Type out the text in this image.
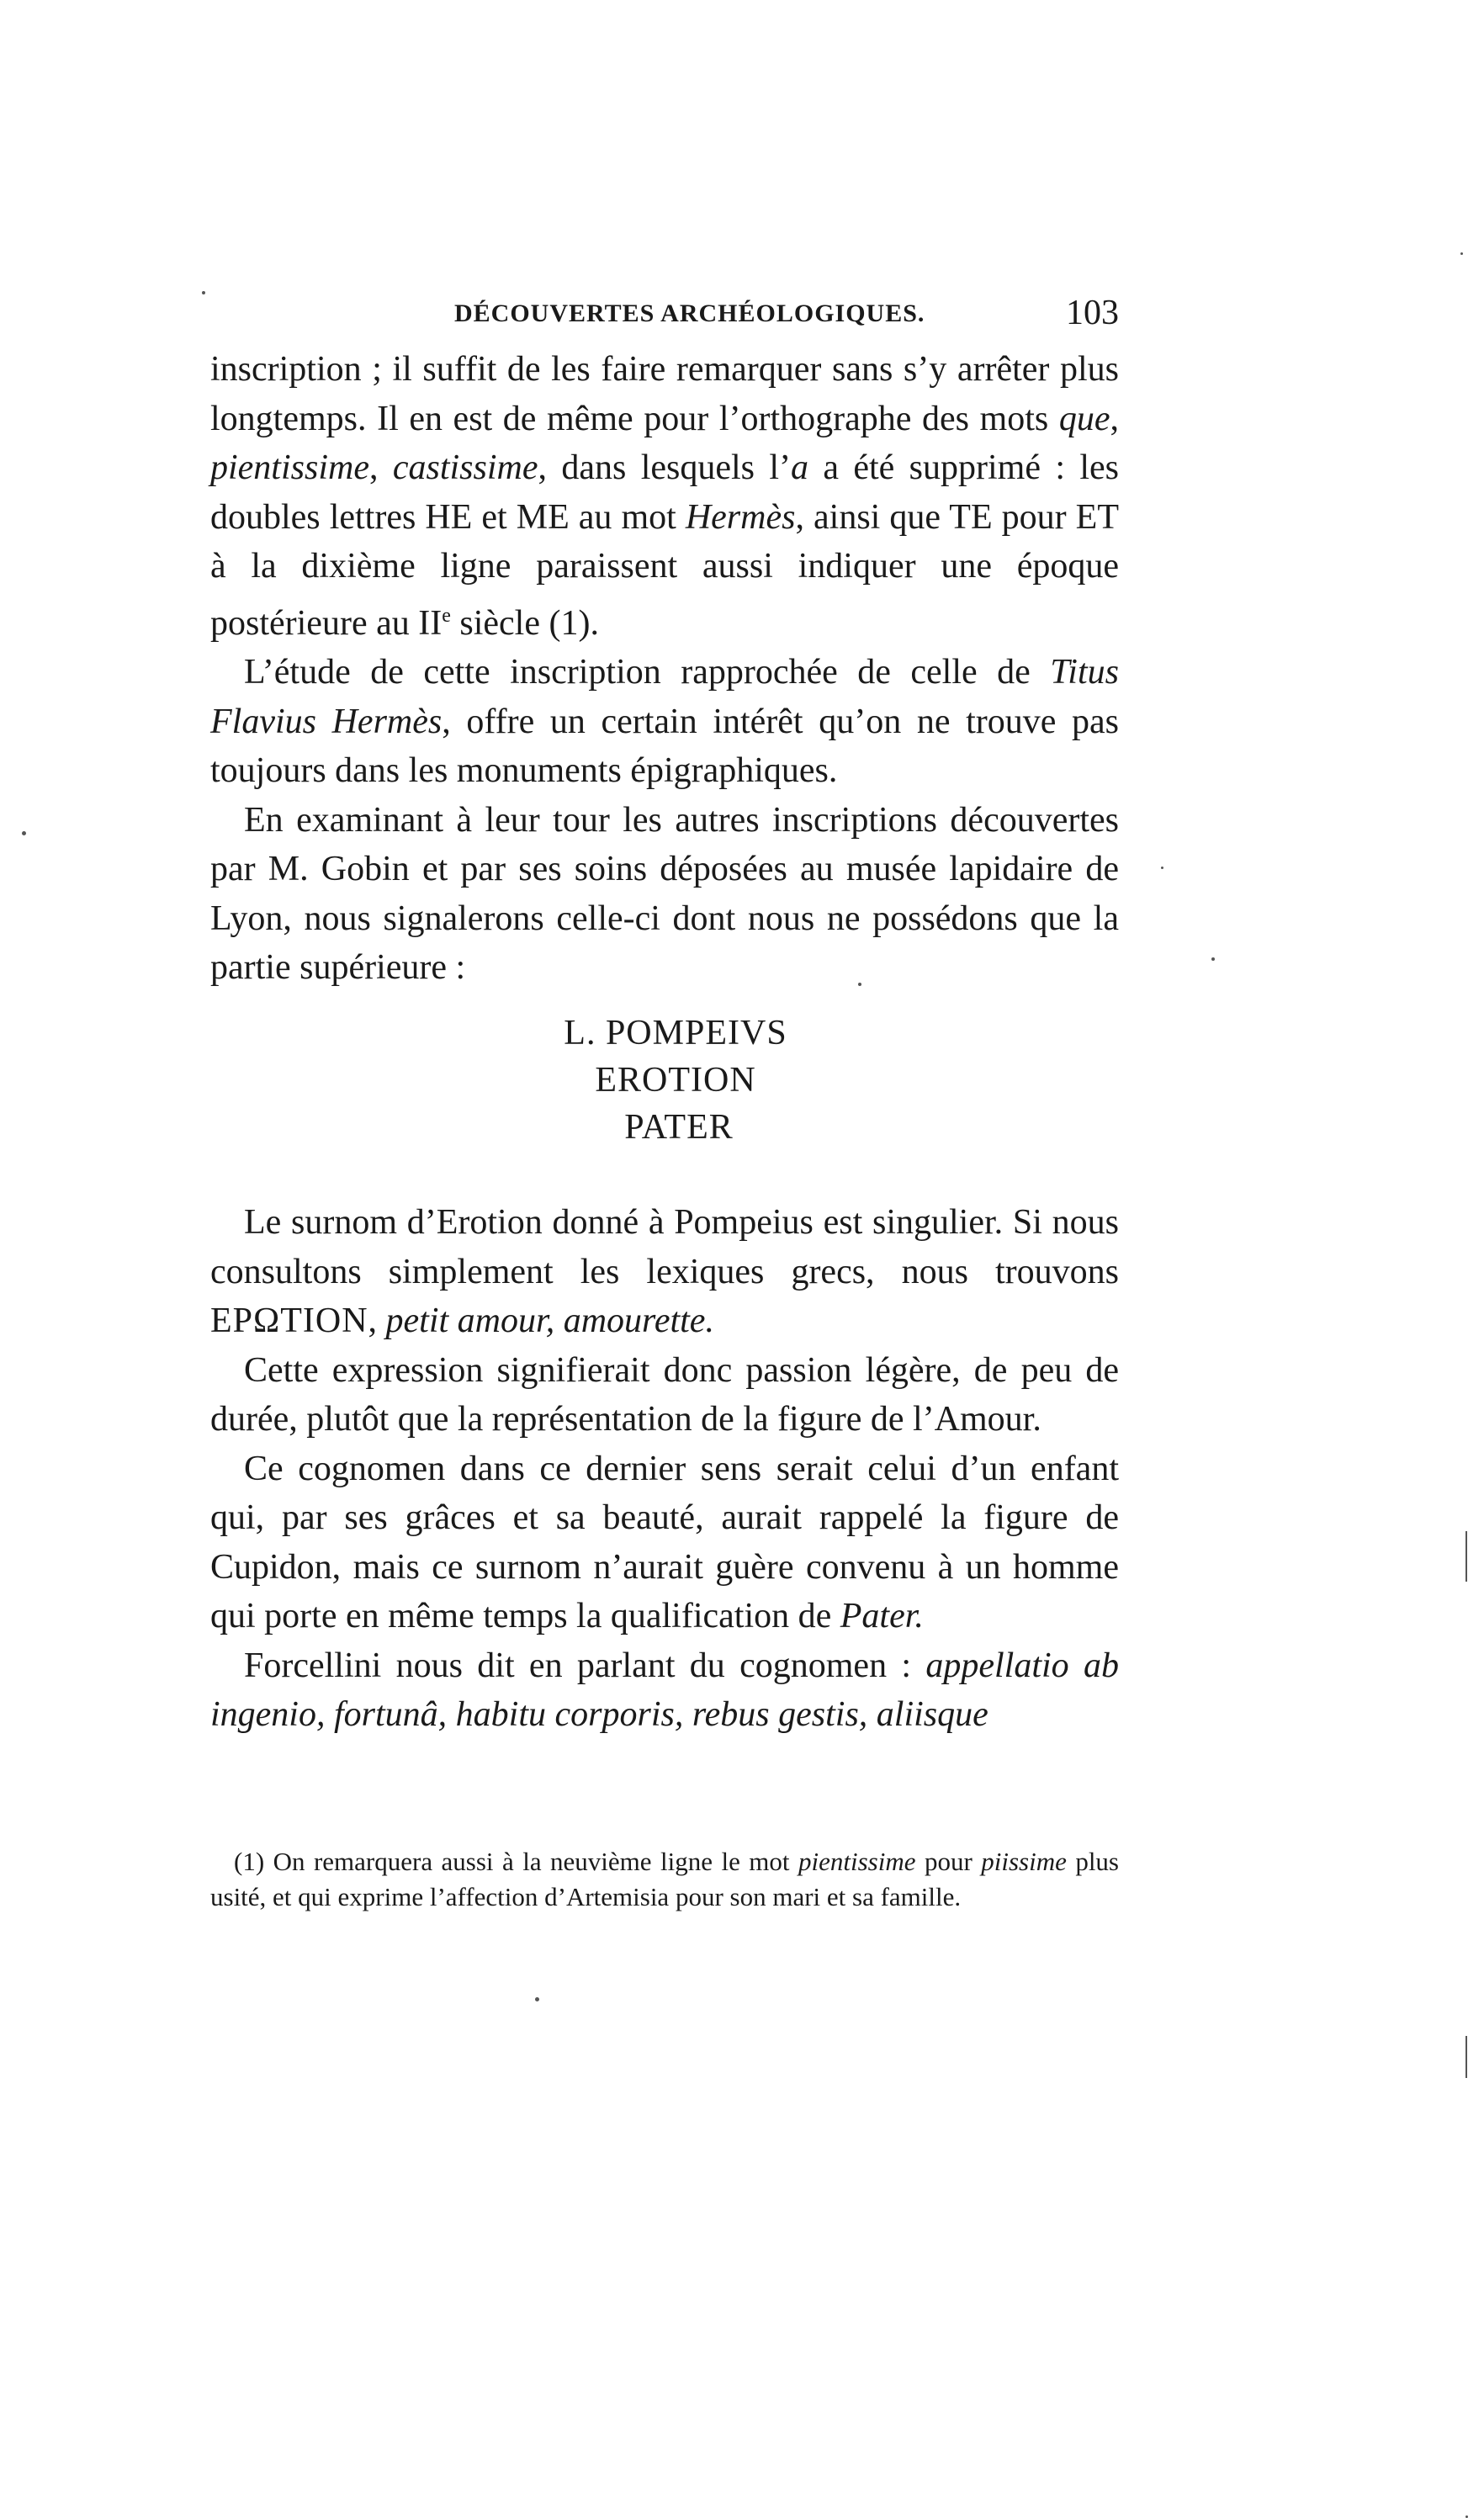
DÉCOUVERTES ARCHÉOLOGIQUES.	103

inscription ; il suffit de les faire remarquer sans s’y arrêter plus longtemps. Il en est de même pour l’orthographe des mots que, pientissime, castissime, dans lesquels l’a a été supprimé : les doubles lettres HE et ME au mot Hermès, ainsi que TE pour ET à la dixième ligne paraissent aussi indiquer une époque postérieure au IIe siècle (1).

L’étude de cette inscription rapprochée de celle de Titus Flavius Hermès, offre un certain intérêt qu’on ne trouve pas toujours dans les monuments épigraphiques.

En examinant à leur tour les autres inscriptions découvertes par M. Gobin et par ses soins déposées au musée lapidaire de Lyon, nous signalerons celle-ci dont nous ne possédons que la partie supérieure :

L. POMPEIVS
EROTION
PATER

Le surnom d’Erotion donné à Pompeius est singulier. Si nous consultons simplement les lexiques grecs, nous trouvons ΕΡΩΤΙΟΝ, petit amour, amourette.

Cette expression signifierait donc passion légère, de peu de durée, plutôt que la représentation de la figure de l’Amour.

Ce cognomen dans ce dernier sens serait celui d’un enfant qui, par ses grâces et sa beauté, aurait rappelé la figure de Cupidon, mais ce surnom n’aurait guère convenu à un homme qui porte en même temps la qualification de Pater.

Forcellini nous dit en parlant du cognomen : appellatio ab ingenio, fortunâ, habitu corporis, rebus gestis, aliisque

(1) On remarquera aussi à la neuvième ligne le mot pientissime pour piissime plus usité, et qui exprime l’affection d’Artemisia pour son mari et sa famille.
